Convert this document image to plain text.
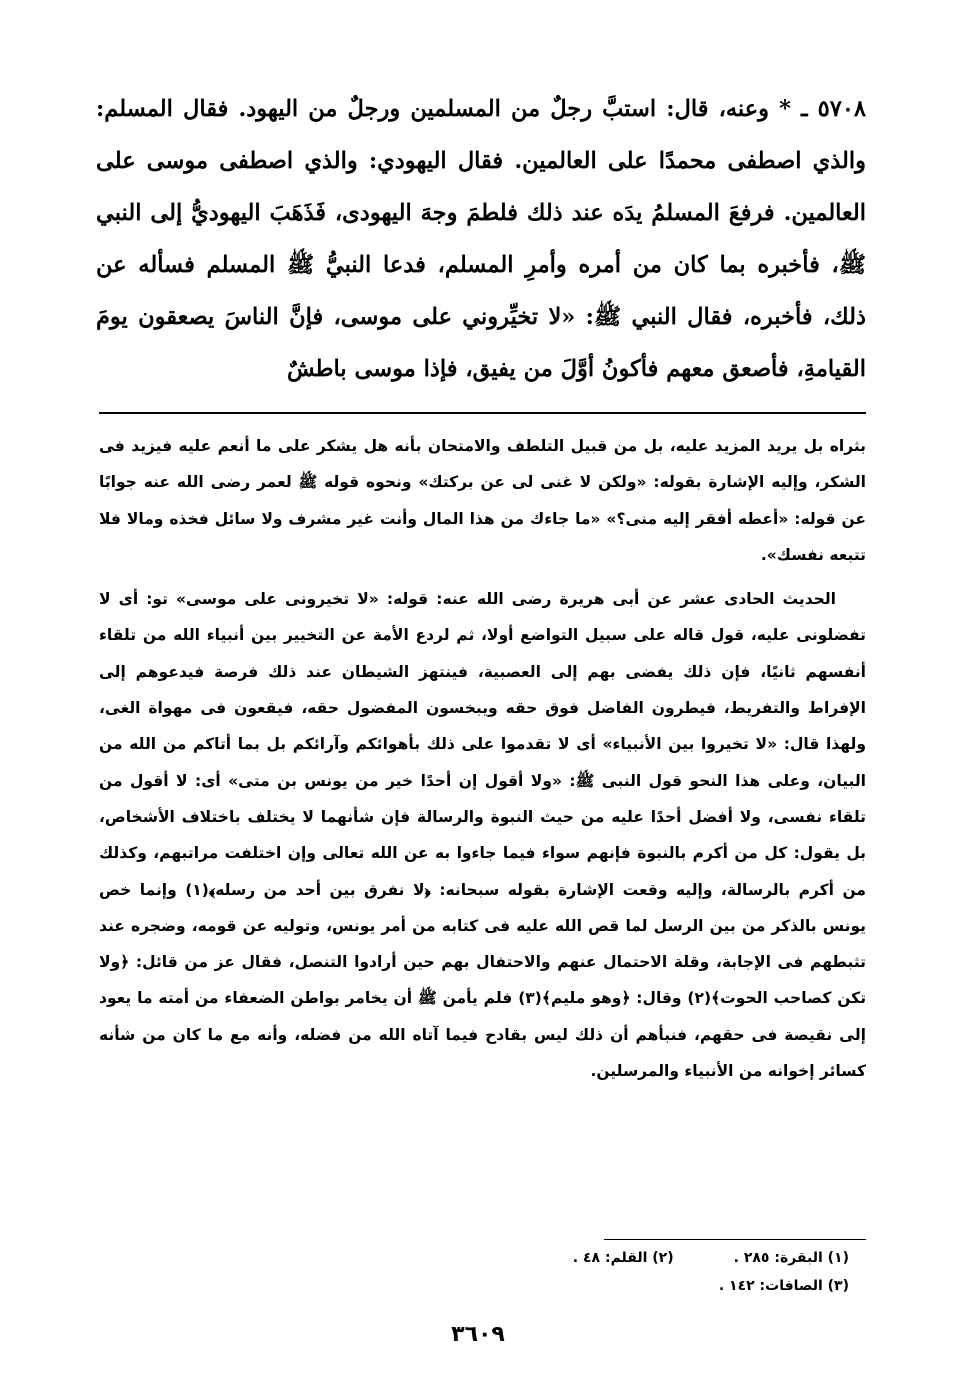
٥٧٠٨ ـ * وعنه، قال: استبَّ رجلٌ من المسلمين ورجلٌ من اليهود. فقال المسلم: والذي اصطفى محمدًا على العالمين. فقال اليهودي: والذي اصطفى موسى على العالمين. فرفعَ المسلمُ يدَه عند ذلك فلطمَ وجهَ اليهودى، فَذَهَبَ اليهوديُّ إلى النبي ﷺ، فأخبره بما كان من أمره وأمرِ المسلم، فدعا النبيُّ ﷺ المسلم فسأله عن ذلك، فأخبره، فقال النبي ﷺ: «لا تخيِّروني على موسى، فإنَّ الناسَ يصعقون يومَ القيامةِ، فأصعق معهم فأكونُ أوَّلَ من يفيق، فإذا موسى باطشٌ

بثراه بل يريد المزيد عليه، بل من قبيل التلطف والامتحان بأنه هل يشكر على ما أنعم عليه فيزيد فى الشكر، وإليه الإشارة بقوله: «ولكن لا غنى لى عن بركتك» ونحوه قوله ﷺ لعمر رضى الله عنه جوابًا عن قوله: «أعطه أفقر إليه منى؟» «ما جاءك من هذا المال وأنت غير مشرف ولا سائل فخذه ومالا فلا تتبعه نفسك».

الحديث الحادى عشر عن أبى هريرة رضى الله عنه: قوله: «لا تخيرونى على موسى» تو: أى لا تفضلونى عليه، قول قاله على سبيل التواضع أولا، ثم لردع الأمة عن التخيير بين أنبياء الله من تلقاء أنفسهم ثانيًا، فإن ذلك يفضى بهم إلى العصبية، فينتهز الشيطان عند ذلك فرصة فيدعوهم إلى الإفراط والتفريط، فيطرون الفاضل فوق حقه ويبخسون المفضول حقه، فيقعون فى مهواة الغى، ولهذا قال: «لا تخيروا بين الأنبياء» أى لا تقدموا على ذلك بأهوائكم وآرائكم بل بما أتاكم من الله من البيان، وعلى هذا النحو قول النبى ﷺ: «ولا أقول إن أحدًا خير من يونس بن متى» أى: لا أقول من تلقاء نفسى، ولا أفضل أحدًا عليه من حيث النبوة والرسالة فإن شأنهما لا يختلف باختلاف الأشخاص، بل يقول: كل من أكرم بالنبوة فإنهم سواء فيما جاءوا به عن الله تعالى وإن اختلفت مراتبهم، وكذلك من أكرم بالرسالة، وإليه وقعت الإشارة بقوله سبحانه: ﴿لا نفرق بين أحد من رسله﴾(١) وإنما خص يونس بالذكر من بين الرسل لما قص الله عليه فى كتابه من أمر يونس، وتوليه عن قومه، وضجره عند تثبطهم فى الإجابة، وقلة الاحتمال عنهم والاحتفال بهم حين أرادوا التنصل، فقال عز من قائل: ﴿ولا تكن كصاحب الحوت﴾(٢) وقال: ﴿وهو مليم﴾(٣) فلم يأمن ﷺ أن يخامر بواطن الضعفاء من أمته ما يعود إلى نقيصة فى حقهم، فنبأهم أن ذلك ليس بقادح فيما آتاه الله من فضله، وأنه مع ما كان من شأنه كسائر إخوانه من الأنبياء والمرسلين.

(١) البقرة: ٢٨٥ .
(٢) القلم: ٤٨ .
(٣) الصافات: ١٤٢ .
٣٦٠٩
